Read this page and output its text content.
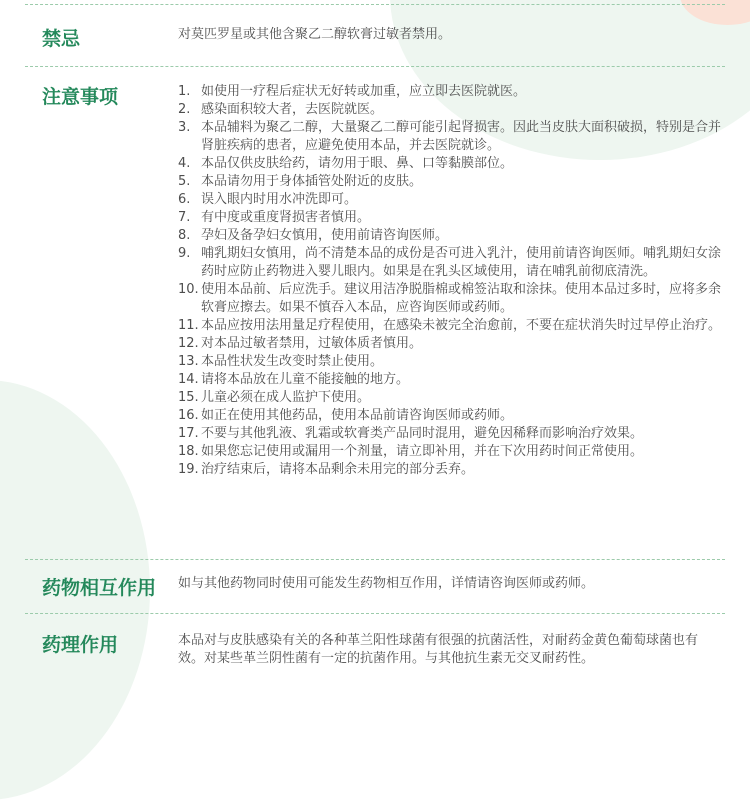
禁忌	对莫匹罗星或其他含聚乙二醇软膏过敏者禁用。
注意事项	1. 如使用一疗程后症状无好转或加重，应立即去医院就医。
2. 感染面积较大者，去医院就医。
3. 本品辅料为聚乙二醇，大量聚乙二醇可能引起肾损害。因此当皮肤大面积破损，特别是合并肾脏疾病的患者，应避免使用本品，并去医院就诊。
4. 本品仅供皮肤给药，请勿用于眼、鼻、口等黏膜部位。
5. 本品请勿用于身体插管处附近的皮肤。
6. 误入眼内时用水冲洗即可。
7. 有中度或重度肾损害者慎用。
8. 孕妇及备孕妇女慎用，使用前请咨询医师。
9. 哺乳期妇女慎用，尚不清楚本品的成份是否可进入乳汁，使用前请咨询医师。哺乳期妇女涂药时应防止药物进入婴儿眼内。如果是在乳头区域使用，请在哺乳前彻底清洗。
10. 使用本品前、后应洗手。建议用洁净脱脂棉或棉签沾取和涂抹。使用本品过多时，应将多余软膏应擦去。如果不慎吞入本品，应咨询医师或药师。
11. 本品应按用法用量足疗程使用，在感染未被完全治愈前，不要在症状消失时过早停止治疗。
12. 对本品过敏者禁用，过敏体质者慎用。
13. 本品性状发生改变时禁止使用。
14. 请将本品放在儿童不能接触的地方。
15. 儿童必须在成人监护下使用。
16. 如正在使用其他药品，使用本品前请咨询医师或药师。
17. 不要与其他乳液、乳霜或软膏类产品同时混用，避免因稀释而影响治疗效果。
18. 如果您忘记使用或漏用一个剂量，请立即补用，并在下次用药时间正常使用。
19. 治疗结束后，请将本品剩余未用完的部分丢弃。
药物相互作用 如与其他药物同时使用可能发生药物相互作用，详情请咨询医师或药师。
药理作用	本品对与皮肤感染有关的各种革兰阳性球菌有很强的抗菌活性，对耐药金黄色葡萄球菌也有效。对某些革兰阴性菌有一定的抗菌作用。与其他抗生素无交叉耐药性。
